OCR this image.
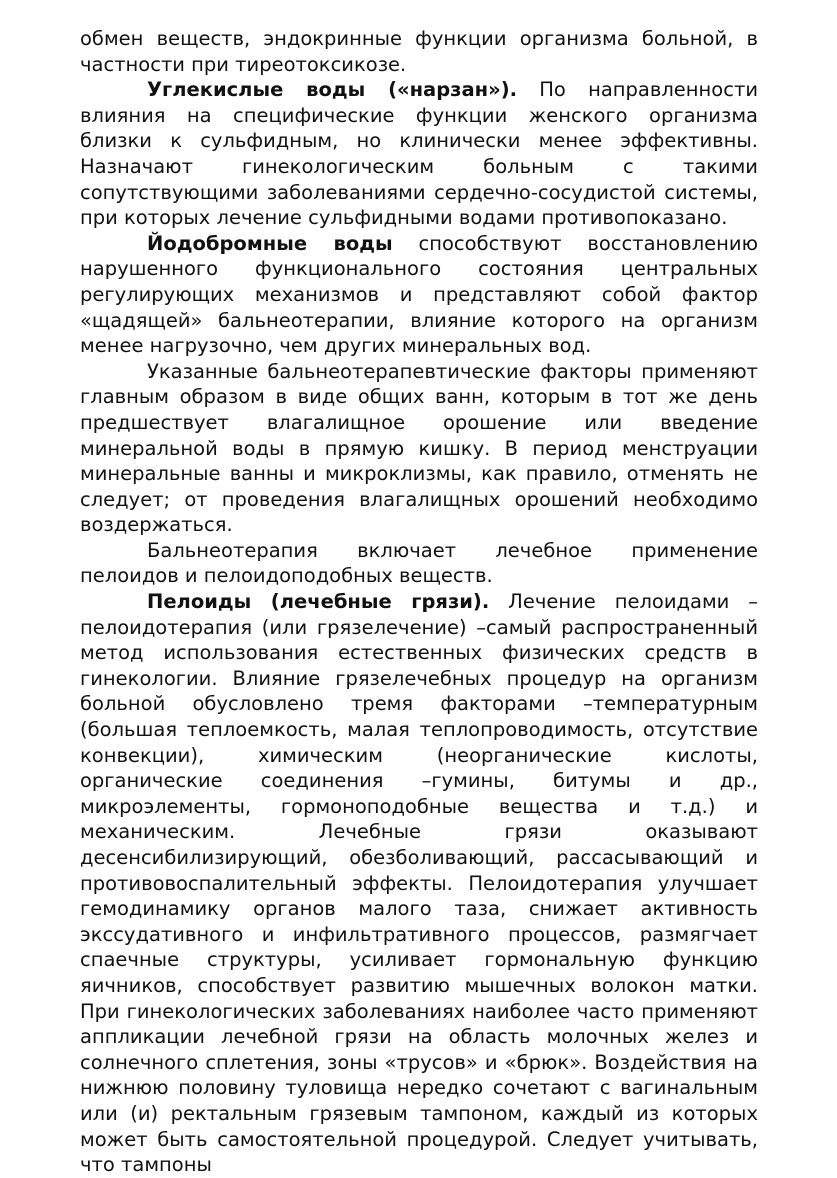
обмен веществ, эндокринные функции организма больной, в частности при тиреотоксикозе.

Углекислые воды («нарзан»). По направленности влияния на специфические функции женского организма близки к сульфидным, но клинически менее эффективны. Назначают гинекологическим больным с такими сопутствующими заболеваниями сердечно-сосудистой системы, при которых лечение сульфидными водами противопоказано.

Йодобромные воды способствуют восстановлению нарушенного функционального состояния центральных регулирующих механизмов и представляют собой фактор «щадящей» бальнеотерапии, влияние которого на организм менее нагрузочно, чем других минеральных вод.

Указанные бальнеотерапевтические факторы применяют главным образом в виде общих ванн, которым в тот же день предшествует влагалищное орошение или введение минеральной воды в прямую кишку. В период менструации минеральные ванны и микроклизмы, как правило, отменять не следует; от проведения влагалищных орошений необходимо воздержаться.

Бальнеотерапия включает лечебное применение пелоидов и пелоидоподобных веществ.

Пелоиды (лечебные грязи). Лечение пелоидами – пелоидотерапия (или грязелечение) –самый распространенный метод использования естественных физических средств в гинекологии. Влияние грязелечебных процедур на организм больной обусловлено тремя факторами –температурным (большая теплоемкость, малая теплопроводимость, отсутствие конвекции), химическим (неорганические кислоты, органические соединения –гумины, битумы и др., микроэлементы, гормоноподобные вещества и т.д.) и механическим. Лечебные грязи оказывают десенсибилизирующий, обезболивающий, рассасывающий и противовоспалительный эффекты. Пелоидотерапия улучшает гемодинамику органов малого таза, снижает активность экссудативного и инфильтративного процессов, размягчает спаечные структуры, усиливает гормональную функцию яичников, способствует развитию мышечных волокон матки. При гинекологических заболеваниях наиболее часто применяют аппликации лечебной грязи на область молочных желез и солнечного сплетения, зоны «трусов» и «брюк». Воздействия на нижнюю половину туловища нередко сочетают с вагинальным или (и) ректальным грязевым тампоном, каждый из которых может быть самостоятельной процедурой. Следует учитывать, что тампоны
